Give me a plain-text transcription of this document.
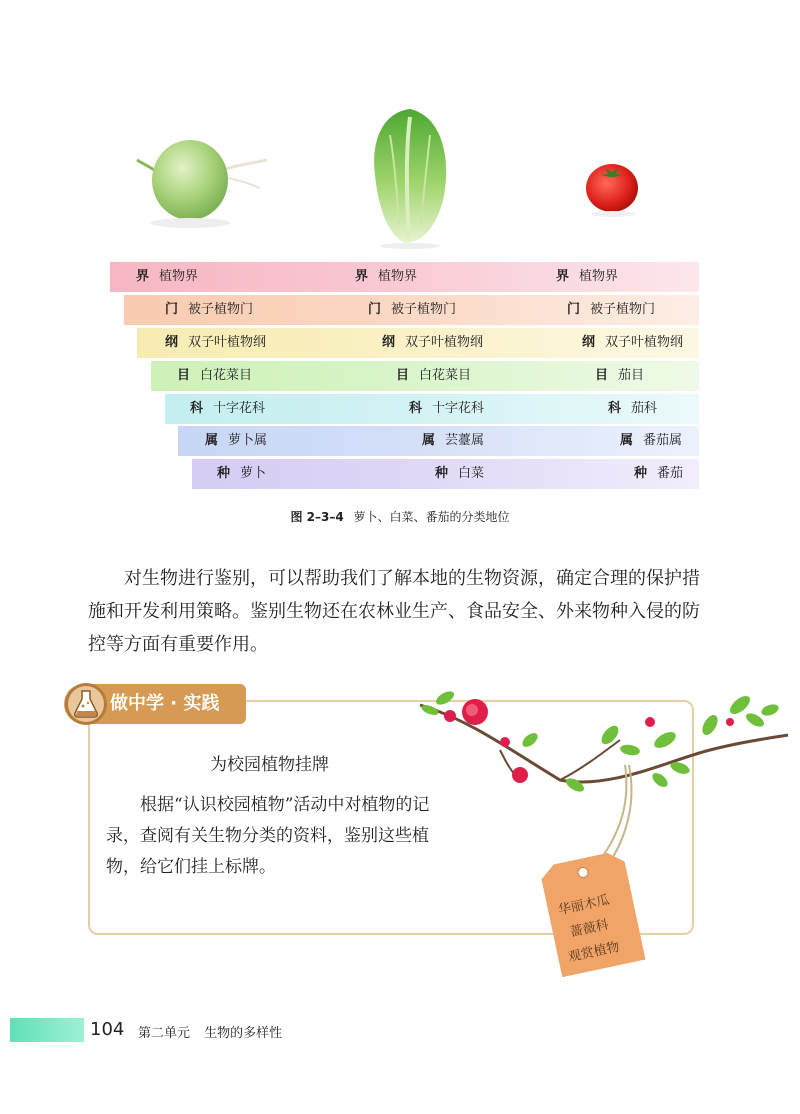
界 植物界	界 植物界	界 植物界
门 被子植物门	门 被子植物门	门 被子植物门
纲 双子叶植物纲	纲 双子叶植物纲	纲 双子叶植物纲
目 白花菜目	目 白花菜目	目 茄目
科 十字花科	科 十字花科	科 茄科
属 萝卜属	属 芸薹属	属 番茄属
种 萝卜	种 白菜	种 番茄
图 2–3–4 萝卜、白菜、番茄的分类地位

对生物进行鉴别，可以帮助我们了解本地的生物资源，确定合理的保护措施和开发利用策略。鉴别生物还在农林业生产、食品安全、外来物种入侵的防控等方面有重要作用。

做中学 · 实践
为校园植物挂牌

根据“认识校园植物”活动中对植物的记录，查阅有关生物分类的资料，鉴别这些植物，给它们挂上标牌。

华丽木瓜
蔷薇科
观赏植物
104 第二单元 生物的多样性
